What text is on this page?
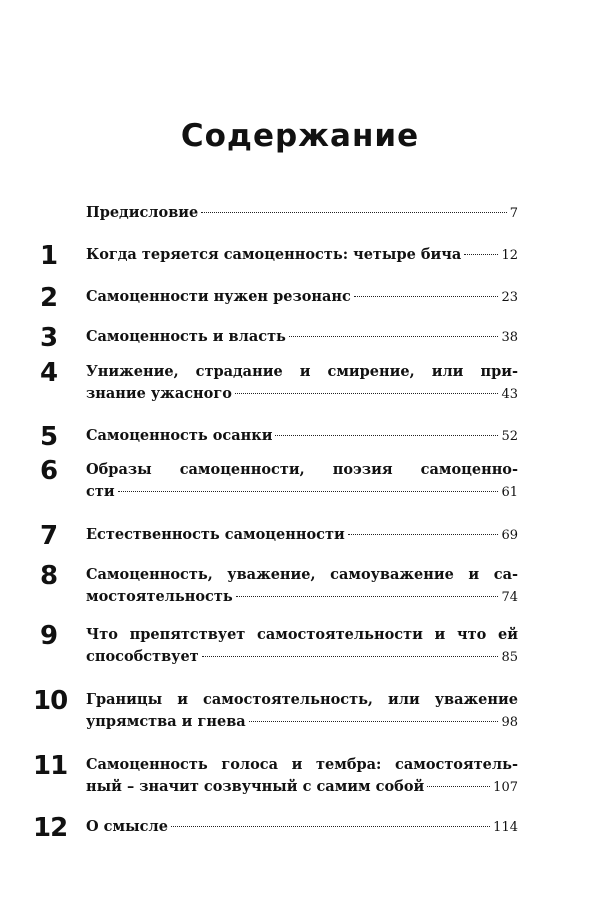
Содержание
Предисловие	7
1	Когда теряется самоценность: четыре бича	12
2	Самоценности нужен резонанс	23
3	Самоценность и власть	38
4	Унижение, страдание и смирение, или при-
знание ужасного	43
5	Самоценность осанки	52
6	Образы самоценности, поэзия самоценно-
сти	61
7	Естественность самоценности	69
8	Самоценность, уважение, самоуважение и са-
мостоятельность	74
9	Что препятствует самостоятельности и что ей
способствует	85
10	Границы и самостоятельность, или уважение
упрямства и гнева	98
11	Самоценность голоса и тембра: самостоятель-
ный – значит созвучный с самим собой	107
12	О смысле	114
